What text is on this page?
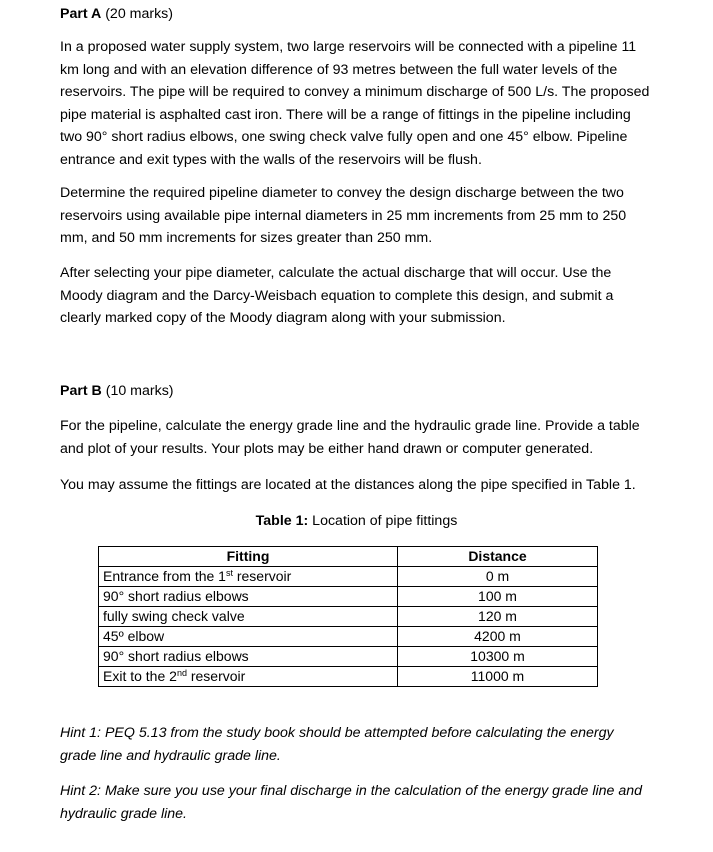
Part A (20 marks)

In a proposed water supply system, two large reservoirs will be connected with a pipeline 11
km long and with an elevation difference of 93 metres between the full water levels of the
reservoirs. The pipe will be required to convey a minimum discharge of 500 L/s. The proposed
pipe material is asphalted cast iron. There will be a range of fittings in the pipeline including
two 90° short radius elbows, one swing check valve fully open and one 45° elbow. Pipeline
entrance and exit types with the walls of the reservoirs will be flush.
Determine the required pipeline diameter to convey the design discharge between the two
reservoirs using available pipe internal diameters in 25 mm increments from 25 mm to 250
mm, and 50 mm increments for sizes greater than 250 mm.
After selecting your pipe diameter, calculate the actual discharge that will occur. Use the
Moody diagram and the Darcy-Weisbach equation to complete this design, and submit a
clearly marked copy of the Moody diagram along with your submission.

Part B (10 marks)

For the pipeline, calculate the energy grade line and the hydraulic grade line. Provide a table
and plot of your results. Your plots may be either hand drawn or computer generated.

You may assume the fittings are located at the distances along the pipe specified in Table 1.

Table 1: Location of pipe fittings

Fitting	Distance
Entrance from the 1st reservoir	0 m
90° short radius elbows	100 m
fully swing check valve	120 m
45º elbow	4200 m
90° short radius elbows	10300 m
Exit to the 2nd reservoir	11000 m
Hint 1: PEQ 5.13 from the study book should be attempted before calculating the energy
grade line and hydraulic grade line.
Hint 2: Make sure you use your final discharge in the calculation of the energy grade line and
hydraulic grade line.
